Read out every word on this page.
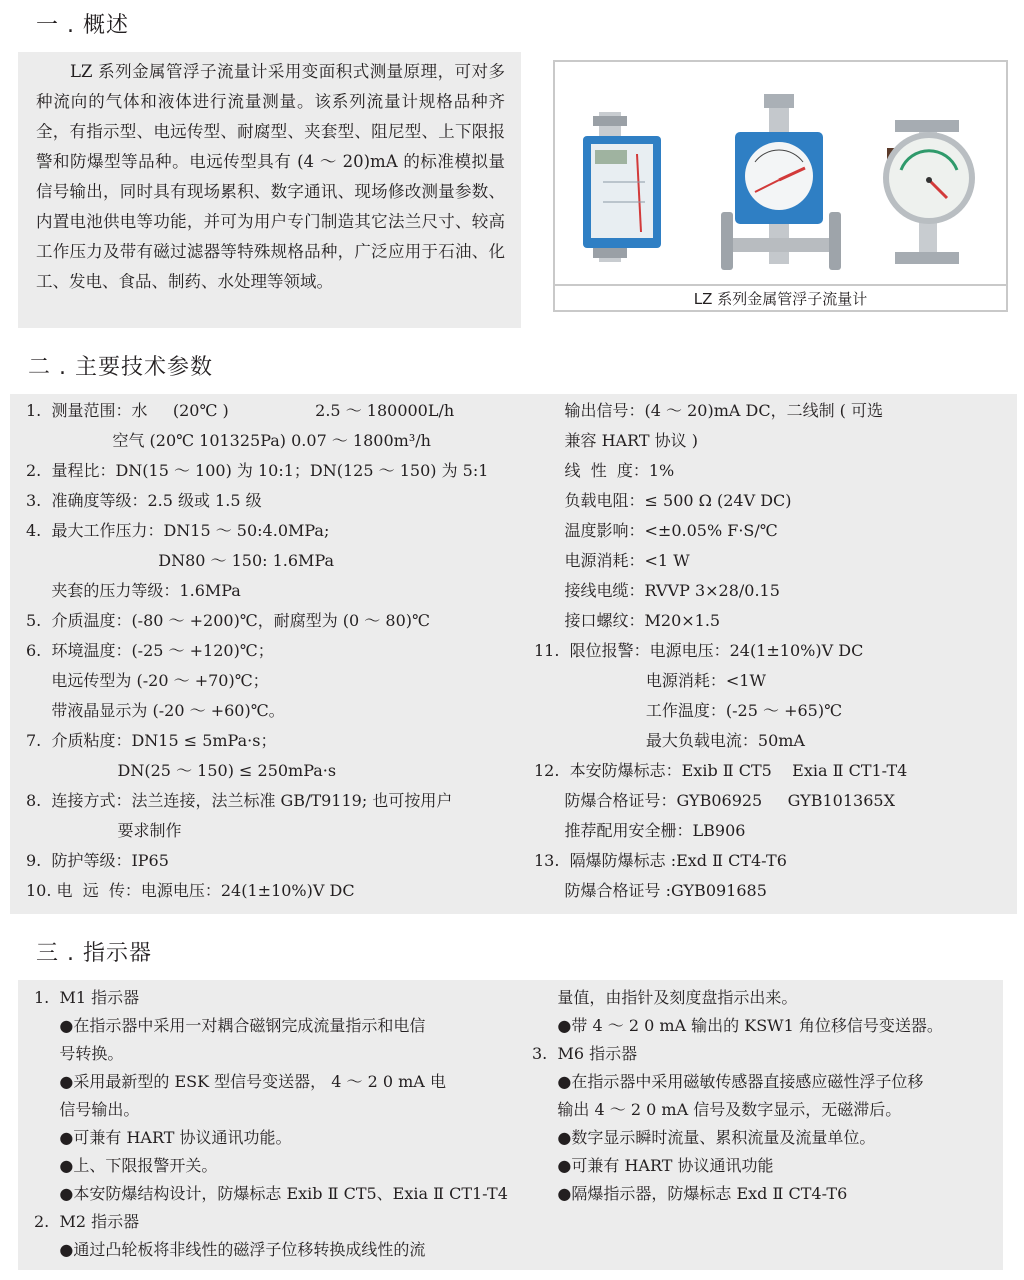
一 . 概述
LZ 系列金属管浮子流量计采用变面积式测量原理，可对多种流向的气体和液体进行流量测量。该系列流量计规格品种齐全，有指示型、电远传型、耐腐型、夹套型、阻尼型、上下限报警和防爆型等品种。电远传型具有 (4 ～ 20)mA 的标准模拟量信号输出，同时具有现场累积、数字通讯、现场修改测量参数、内置电池供电等功能，并可为用户专门制造其它法兰尺寸、较高工作压力及带有磁过滤器等特殊规格品种，广泛应用于石油、化工、发电、食品、制药、水处理等领域。
LZ 系列金属管浮子流量计
二 . 主要技术参数
1.  测量范围：水     (20℃ )                 2.5 ～ 180000L/h
空气 (20℃ 101325Pa) 0.07 ～ 1800m³/h
2.  量程比：DN(15 ～ 100) 为 10:1；DN(125 ～ 150) 为 5:1
3.  准确度等级：2.5 级或 1.5 级
4.  最大工作压力：DN15 ～ 50:4.0MPa;
DN80 ～ 150: 1.6MPa
夹套的压力等级：1.6MPa
5.  介质温度：(-80 ～ +200)℃，耐腐型为 (0 ～ 80)℃
6.  环境温度：(-25 ～ +120)℃；
电远传型为 (-20 ～ +70)℃；
带液晶显示为 (-20 ～ +60)℃。
7.  介质粘度：DN15 ≤ 5mPa·s；
DN(25 ～ 150) ≤ 250mPa·s
8.  连接方式：法兰连接，法兰标准 GB/T9119; 也可按用户
要求制作
9.  防护等级：IP65
10. 电  远  传：电源电压：24(1±10%)V DC
输出信号：(4 ～ 20)mA DC，二线制 ( 可选
兼容 HART 协议 )
线  性  度：1%
负载电阻：≤ 500 Ω (24V DC)
温度影响：<±0.05% F·S/℃
电源消耗：<1 W
接线电缆：RVVP 3×28/0.15
接口螺纹：M20×1.5
11.  限位报警：电源电压：24(1±10%)V DC
电源消耗：<1W
工作温度：(-25 ～ +65)℃
最大负载电流：50mA
12.  本安防爆标志：Exib Ⅱ CT5    Exia Ⅱ CT1-T4
防爆合格证号：GYB06925     GYB101365X
推荐配用安全栅：LB906
13.  隔爆防爆标志 :Exd Ⅱ CT4-T6
防爆合格证号 :GYB091685
三 . 指示器
1.  M1 指示器
●在指示器中采用一对耦合磁钢完成流量指示和电信
号转换。
●采用最新型的 ESK 型信号变送器， 4 ～ 2 0 mA 电
信号输出。
●可兼有 HART 协议通讯功能。
●上、下限报警开关。
●本安防爆结构设计，防爆标志 Exib Ⅱ CT5、Exia Ⅱ CT1-T4
2.  M2 指示器
●通过凸轮板将非线性的磁浮子位移转换成线性的流
量值，由指针及刻度盘指示出来。
●带 4 ～ 2 0 mA 输出的 KSW1 角位移信号变送器。
3.  M6 指示器
●在指示器中采用磁敏传感器直接感应磁性浮子位移
输出 4 ～ 2 0 mA 信号及数字显示，无磁滞后。
●数字显示瞬时流量、累积流量及流量单位。
●可兼有 HART 协议通讯功能
●隔爆指示器，防爆标志 Exd Ⅱ CT4-T6
